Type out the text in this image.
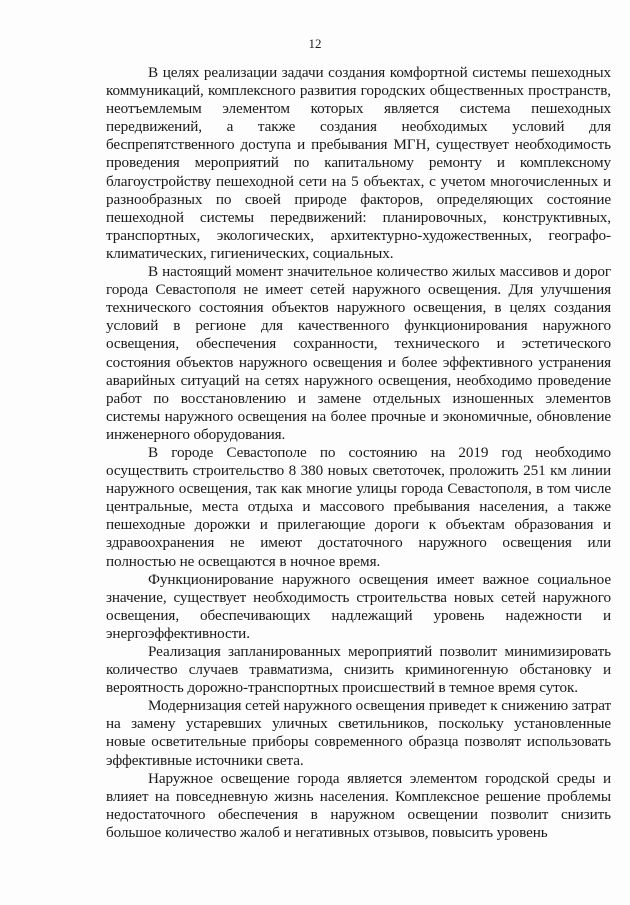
12

В целях реализации задачи создания комфортной системы пешеходных коммуникаций, комплексного развития городских общественных пространств, неотъемлемым элементом которых является система пешеходных передвижений, а также создания необходимых условий для беспрепятственного доступа и пребывания МГН, существует необходимость проведения мероприятий по капитальному ремонту и комплексному благоустройству пешеходной сети на 5 объектах, с учетом многочисленных и разнообразных по своей природе факторов, определяющих состояние пешеходной системы передвижений: планировочных, конструктивных, транспортных, экологических, архитектурно-художественных, географо-климатических, гигиенических, социальных.

В настоящий момент значительное количество жилых массивов и дорог города Севастополя не имеет сетей наружного освещения. Для улучшения технического состояния объектов наружного освещения, в целях создания условий в регионе для качественного функционирования наружного освещения, обеспечения сохранности, технического и эстетического состояния объектов наружного освещения и более эффективного устранения аварийных ситуаций на сетях наружного освещения, необходимо проведение работ по восстановлению и замене отдельных изношенных элементов системы наружного освещения на более прочные и экономичные, обновление инженерного оборудования.

В городе Севастополе по состоянию на 2019 год необходимо осуществить строительство 8 380 новых светоточек, проложить 251 км линии наружного освещения, так как многие улицы города Севастополя, в том числе центральные, места отдыха и массового пребывания населения, а также пешеходные дорожки и прилегающие дороги к объектам образования и здравоохранения не имеют достаточного наружного освещения или полностью не освещаются в ночное время.

Функционирование наружного освещения имеет важное социальное значение, существует необходимость строительства новых сетей наружного освещения, обеспечивающих надлежащий уровень надежности и энергоэффективности.

Реализация запланированных мероприятий позволит минимизировать количество случаев травматизма, снизить криминогенную обстановку и вероятность дорожно-транспортных происшествий в темное время суток.

Модернизация сетей наружного освещения приведет к снижению затрат на замену устаревших уличных светильников, поскольку установленные новые осветительные приборы современного образца позволят использовать эффективные источники света.

Наружное освещение города является элементом городской среды и влияет на повседневную жизнь населения. Комплексное решение проблемы недостаточного обеспечения в наружном освещении позволит снизить большое количество жалоб и негативных отзывов, повысить уровень
